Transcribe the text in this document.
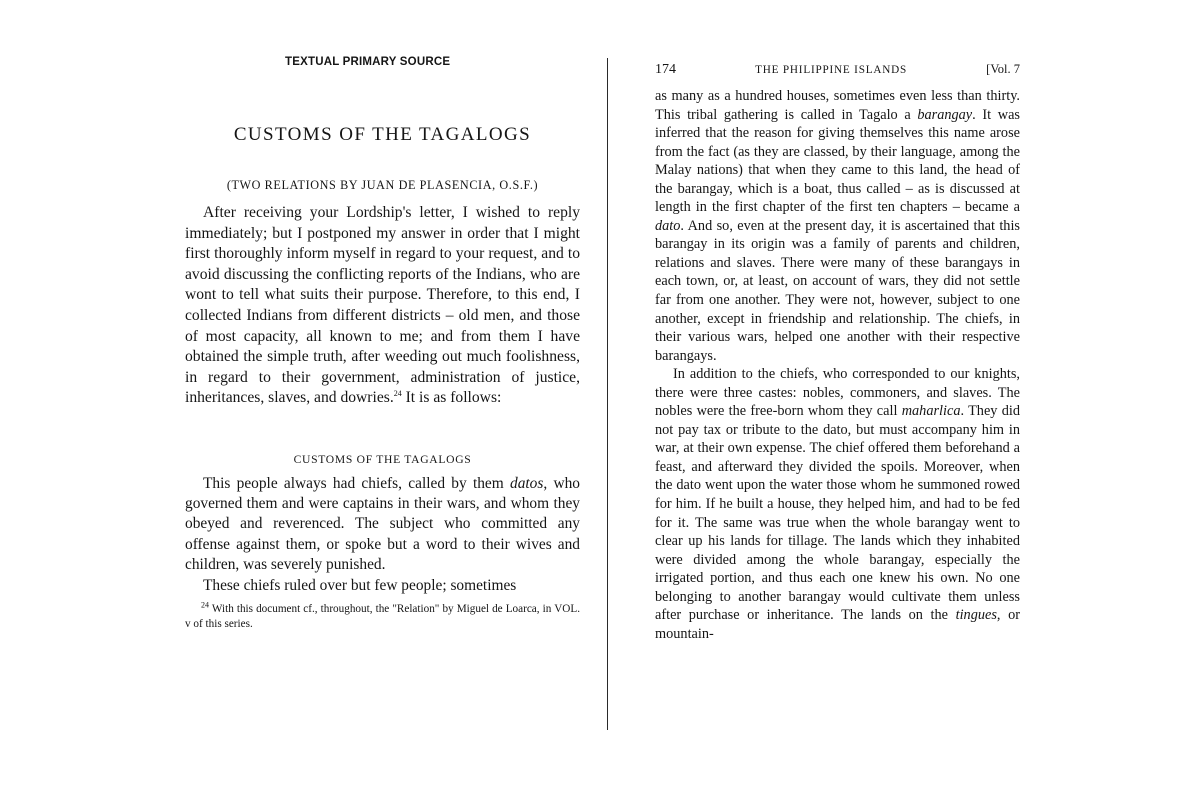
TEXTUAL PRIMARY SOURCE
CUSTOMS OF THE TAGALOGS
(TWO RELATIONS BY JUAN DE PLASENCIA, O.S.F.)

After receiving your Lordship's letter, I wished to reply immediately; but I postponed my answer in order that I might first thoroughly inform myself in regard to your request, and to avoid discussing the conflicting reports of the Indians, who are wont to tell what suits their purpose. Therefore, to this end, I collected Indians from different districts – old men, and those of most capacity, all known to me; and from them I have obtained the simple truth, after weeding out much foolishness, in regard to their government, administration of justice, inheritances, slaves, and dowries.$^{24}$ It is as follows:

CUSTOMS OF THE TAGALOGS

This people always had chiefs, called by them datos, who governed them and were captains in their wars, and whom they obeyed and reverenced. The subject who committed any offense against them, or spoke but a word to their wives and children, was severely punished.

These chiefs ruled over but few people; sometimes

$^{24}$ With this document cf., throughout, the "Relation" by Miguel de Loarca, in VOL. v of this series.
174	THE PHILIPPINE ISLANDS	[Vol. 7

as many as a hundred houses, sometimes even less than thirty. This tribal gathering is called in Tagalo a barangay. It was inferred that the reason for giving themselves this name arose from the fact (as they are classed, by their language, among the Malay nations) that when they came to this land, the head of the barangay, which is a boat, thus called – as is discussed at length in the first chapter of the first ten chapters – became a dato. And so, even at the present day, it is ascertained that this barangay in its origin was a family of parents and children, relations and slaves. There were many of these barangays in each town, or, at least, on account of wars, they did not settle far from one another. They were not, however, subject to one another, except in friendship and relationship. The chiefs, in their various wars, helped one another with their respective barangays.

In addition to the chiefs, who corresponded to our knights, there were three castes: nobles, commoners, and slaves. The nobles were the free-born whom they call maharlica. They did not pay tax or tribute to the dato, but must accompany him in war, at their own expense. The chief offered them beforehand a feast, and afterward they divided the spoils. Moreover, when the dato went upon the water those whom he summoned rowed for him. If he built a house, they helped him, and had to be fed for it. The same was true when the whole barangay went to clear up his lands for tillage. The lands which they inhabited were divided among the whole barangay, especially the irrigated portion, and thus each one knew his own. No one belonging to another barangay would cultivate them unless after purchase or inheritance. The lands on the tingues, or mountain-
